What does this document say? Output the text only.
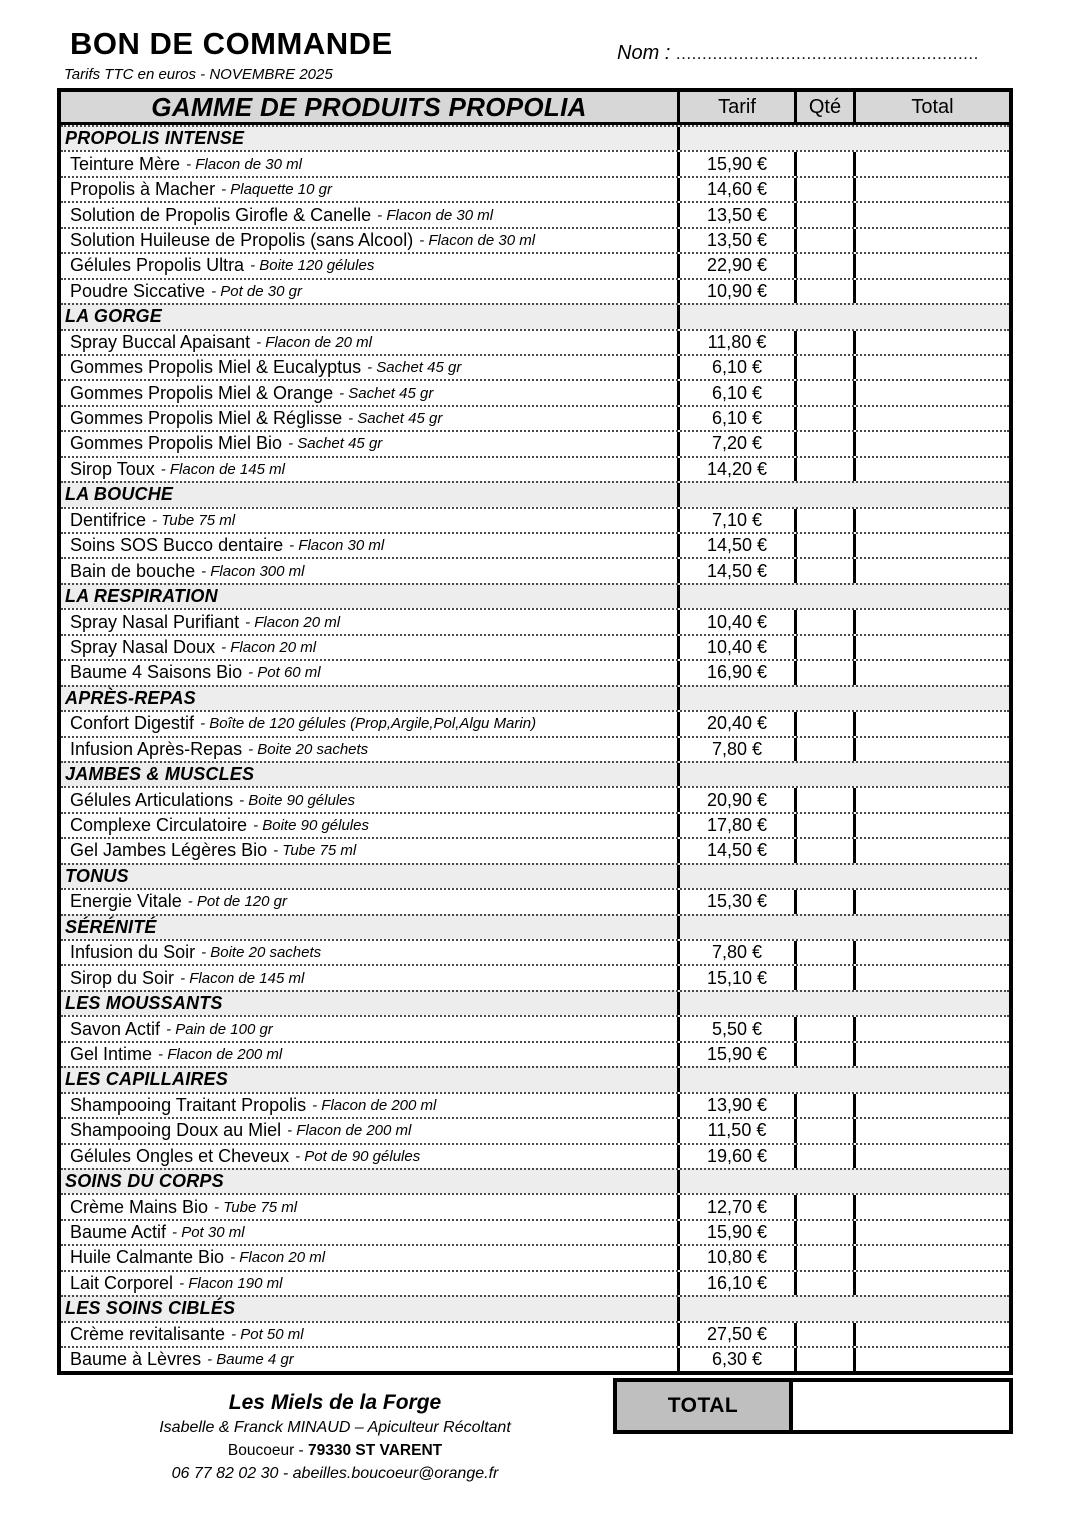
BON DE COMMANDE
Tarifs TTC en euros - NOVEMBRE 2025
Nom : ..........................................................
GAMME DE PRODUITS PROPOLIA	Tarif	Qté	Total
PROPOLIS INTENSE
Teinture Mère - Flacon de 30 ml	15,90 €
Propolis à Macher - Plaquette 10 gr	14,60 €
Solution de Propolis Girofle & Canelle - Flacon de 30 ml	13,50 €
Solution Huileuse de Propolis (sans Alcool) - Flacon de 30 ml	13,50 €
Gélules Propolis Ultra - Boite 120 gélules	22,90 €
Poudre Siccative - Pot de 30 gr	10,90 €
LA GORGE
Spray Buccal Apaisant - Flacon de 20 ml	11,80 €
Gommes Propolis Miel & Eucalyptus - Sachet 45 gr	6,10 €
Gommes Propolis Miel & Orange - Sachet 45 gr	6,10 €
Gommes Propolis Miel & Réglisse - Sachet 45 gr	6,10 €
Gommes Propolis Miel Bio - Sachet 45 gr	7,20 €
Sirop Toux - Flacon de 145 ml	14,20 €
LA BOUCHE
Dentifrice - Tube 75 ml	7,10 €
Soins SOS Bucco dentaire - Flacon 30 ml	14,50 €
Bain de bouche - Flacon 300 ml	14,50 €
LA RESPIRATION
Spray Nasal Purifiant - Flacon 20 ml	10,40 €
Spray Nasal Doux - Flacon 20 ml	10,40 €
Baume 4 Saisons Bio - Pot 60 ml	16,90 €
APRÈS-REPAS
Confort Digestif - Boîte de 120 gélules (Prop,Argile,Pol,Algu Marin)	20,40 €
Infusion Après-Repas - Boite 20 sachets	7,80 €
JAMBES & MUSCLES
Gélules Articulations - Boite 90 gélules	20,90 €
Complexe Circulatoire - Boite 90 gélules	17,80 €
Gel Jambes Légères Bio - Tube 75 ml	14,50 €
TONUS
Energie Vitale - Pot de 120 gr	15,30 €
SÉRÉNITÉ
Infusion du Soir - Boite 20 sachets	7,80 €
Sirop du Soir - Flacon de 145 ml	15,10 €
LES MOUSSANTS
Savon Actif - Pain de 100 gr	5,50 €
Gel Intime - Flacon de 200 ml	15,90 €
LES CAPILLAIRES
Shampooing Traitant Propolis - Flacon de 200 ml	13,90 €
Shampooing Doux au Miel - Flacon de 200 ml	11,50 €
Gélules Ongles et Cheveux - Pot de 90 gélules	19,60 €
SOINS DU CORPS
Crème Mains Bio - Tube 75 ml	12,70 €
Baume Actif - Pot 30 ml	15,90 €
Huile Calmante Bio - Flacon 20 ml	10,80 €
Lait Corporel - Flacon 190 ml	16,10 €
LES SOINS CIBLÉS
Crème revitalisante - Pot 50 ml	27,50 €
Baume à Lèvres - Baume 4 gr	6,30 €
Les Miels de la Forge
Isabelle & Franck MINAUD – Apiculteur Récoltant
Boucoeur - 79330 ST VARENT
06 77 82 02 30 - abeilles.boucoeur@orange.fr
TOTAL
